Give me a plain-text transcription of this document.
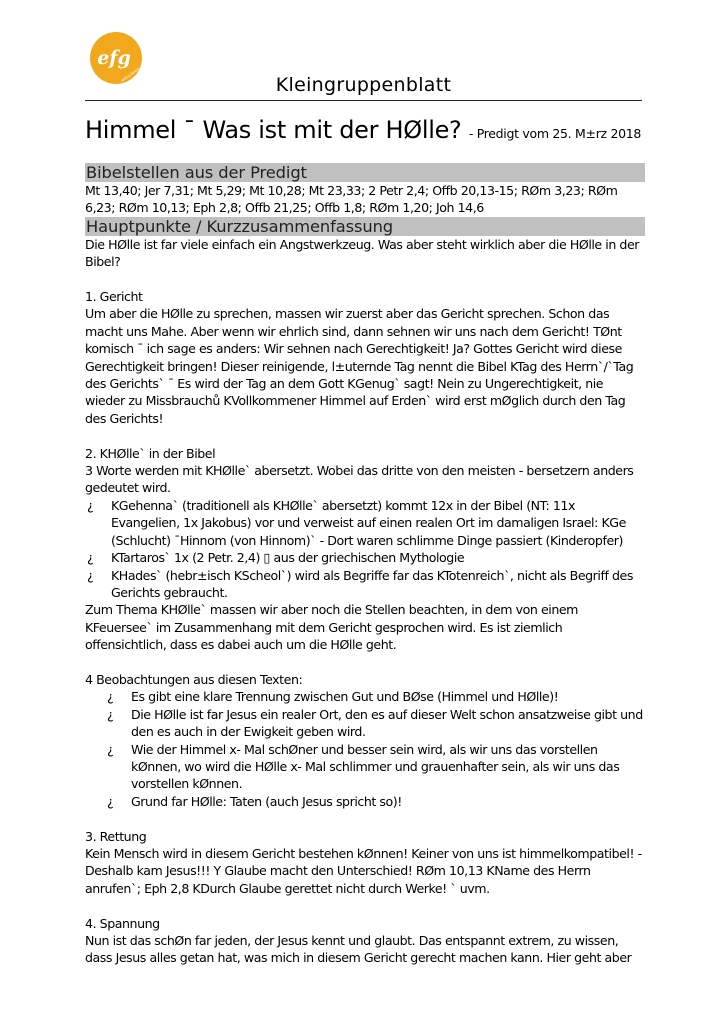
efg
WIEDLISBACH	Kleingruppenblatt
Himmel ¯ Was ist mit der HØlle? - Predigt vom 25. M±rz 2018
Bibelstellen aus der Predigt

Mt 13,40; Jer 7,31; Mt 5,29; Mt 10,28; Mt 23,33; 2 Petr 2,4; Offb 20,13-15; RØm 3,23; RØm 6,23; RØm 10,13; Eph 2,8; Offb 21,25; Offb 1,8; RØm 1,20; Joh 14,6

Hauptpunkte / Kurzzusammenfassung

Die HØlle ist far viele einfach ein Angstwerkzeug. Was aber steht wirklich aber die HØlle in der Bibel?

1. Gericht

Um aber die HØlle zu sprechen, massen wir zuerst aber das Gericht sprechen. Schon das macht uns Mahe. Aber wenn wir ehrlich sind, dann sehnen wir uns nach dem Gericht! TØnt komisch ¯ ich sage es anders: Wir sehnen nach Gerechtigkeit! Ja? Gottes Gericht wird diese Gerechtigkeit bringen! Dieser reinigende, l±uternde Tag nennt die Bibel KTag des Herrn`/`Tag des Gerichts` ¯ Es wird der Tag an dem Gott KGenug` sagt! Nein zu Ungerechtigkeit, nie wieder zu Missbrauchů KVollkommener Himmel auf Erden` wird erst mØglich durch den Tag des Gerichts!

2. KHØlle` in der Bibel

3 Worte werden mit KHØlle` abersetzt. Wobei das dritte von den meisten - bersetzern anders gedeutet wird.

¿ KGehenna` (traditionell als KHØlle` abersetzt) kommt 12x in der Bibel (NT: 11x Evangelien, 1x Jakobus) vor und verweist auf einen realen Ort im damaligen Israel: KGe (Schlucht) ¯Hinnom (von Hinnom)` - Dort waren schlimme Dinge passiert (Kinderopfer)
¿ KTartaros` 1x (2 Petr. 2,4) ▯ aus der griechischen Mythologie
¿ KHades` (hebr±isch KScheol`) wird als Begriffe far das KTotenreich`, nicht als Begriff des Gerichts gebraucht.

Zum Thema KHØlle` massen wir aber noch die Stellen beachten, in dem von einem KFeuersee` im Zusammenhang mit dem Gericht gesprochen wird. Es ist ziemlich offensichtlich, dass es dabei auch um die HØlle geht.

4 Beobachtungen aus diesen Texten:

¿ Es gibt eine klare Trennung zwischen Gut und BØse (Himmel und HØlle)!
¿ Die HØlle ist far Jesus ein realer Ort, den es auf dieser Welt schon ansatzweise gibt und den es auch in der Ewigkeit geben wird.
¿ Wie der Himmel x- Mal schØner und besser sein wird, als wir uns das vorstellen kØnnen, wo wird die HØlle x- Mal schlimmer und grauenhafter sein, als wir uns das vorstellen kØnnen.
¿ Grund far HØlle: Taten (auch Jesus spricht so)!

3. Rettung

Kein Mensch wird in diesem Gericht bestehen kØnnen! Keiner von uns ist himmelkompatibel! - Deshalb kam Jesus!!! Y Glaube macht den Unterschied! RØm 10,13 KName des Herrn anrufen`; Eph 2,8 KDurch Glaube gerettet nicht durch Werke! ` uvm.

4. Spannung

Nun ist das schØn far jeden, der Jesus kennt und glaubt. Das entspannt extrem, zu wissen, dass Jesus alles getan hat, was mich in diesem Gericht gerecht machen kann. Hier geht aber
